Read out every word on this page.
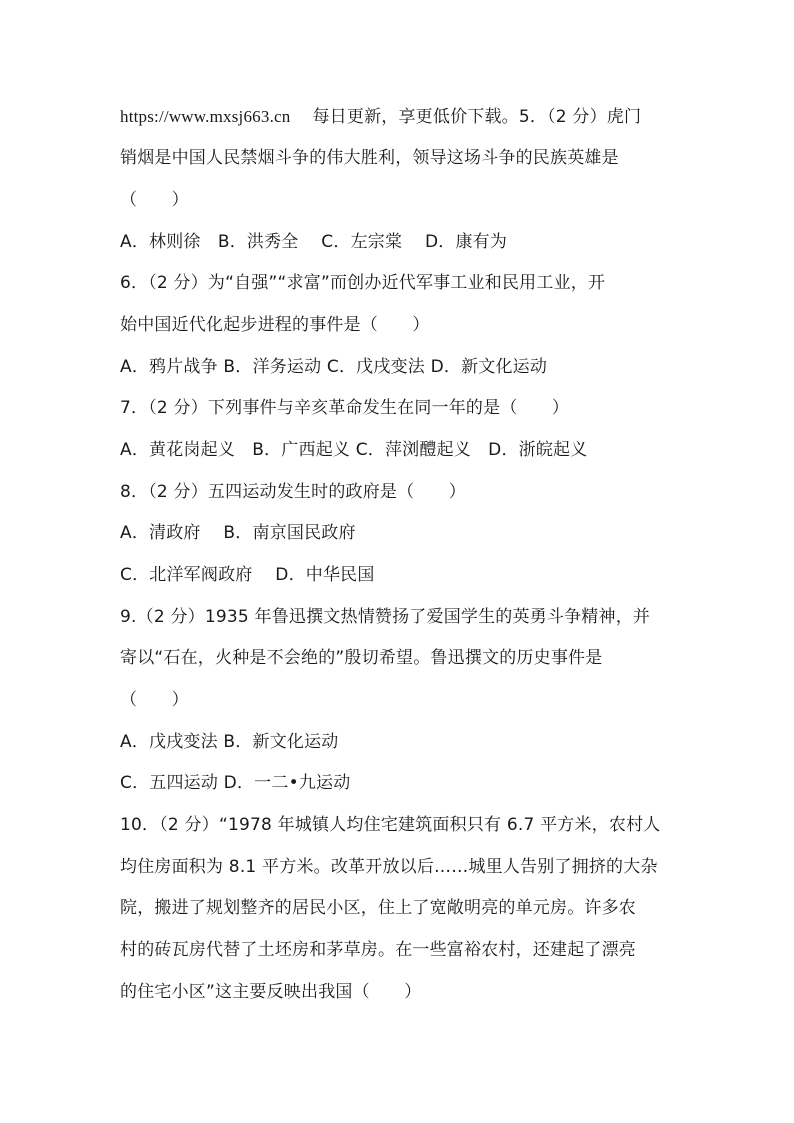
https://www.mxsj663.cn 每日更新，享更低价下载。5．（2 分）虎门
销烟是中国人民禁烟斗争的伟大胜利，领导这场斗争的民族英雄是
（　　）
A．林则徐　B．洪秀全　 C．左宗棠　 D．康有为
6．（2 分）为“自强”“求富”而创办近代军事工业和民用工业，开
始中国近代化起步进程的事件是（　　）
A．鸦片战争 B．洋务运动 C．戊戌变法 D．新文化运动
7．（2 分）下列事件与辛亥革命发生在同一年的是（　　）
A．黄花岗起义　B．广西起义 C．萍浏醴起义　D．浙皖起义
8．（2 分）五四运动发生时的政府是（　　）
A．清政府　 B．南京国民政府
C．北洋军阀政府　 D．中华民国
9.（2 分）1935 年鲁迅撰文热情赞扬了爱国学生的英勇斗争精神，并
寄以“石在，火种是不会绝的”殷切希望。鲁迅撰文的历史事件是
（　　）
A．戊戌变法 B．新文化运动
C．五四运动 D．一二•九运动
10．（2 分）“1978 年城镇人均住宅建筑面积只有 6.7 平方米，农村人
均住房面积为 8.1 平方米。改革开放以后……城里人告别了拥挤的大杂
院，搬进了规划整齐的居民小区，住上了宽敞明亮的单元房。许多农
村的砖瓦房代替了土坯房和茅草房。在一些富裕农村，还建起了漂亮
的住宅小区”这主要反映出我国（　　）
